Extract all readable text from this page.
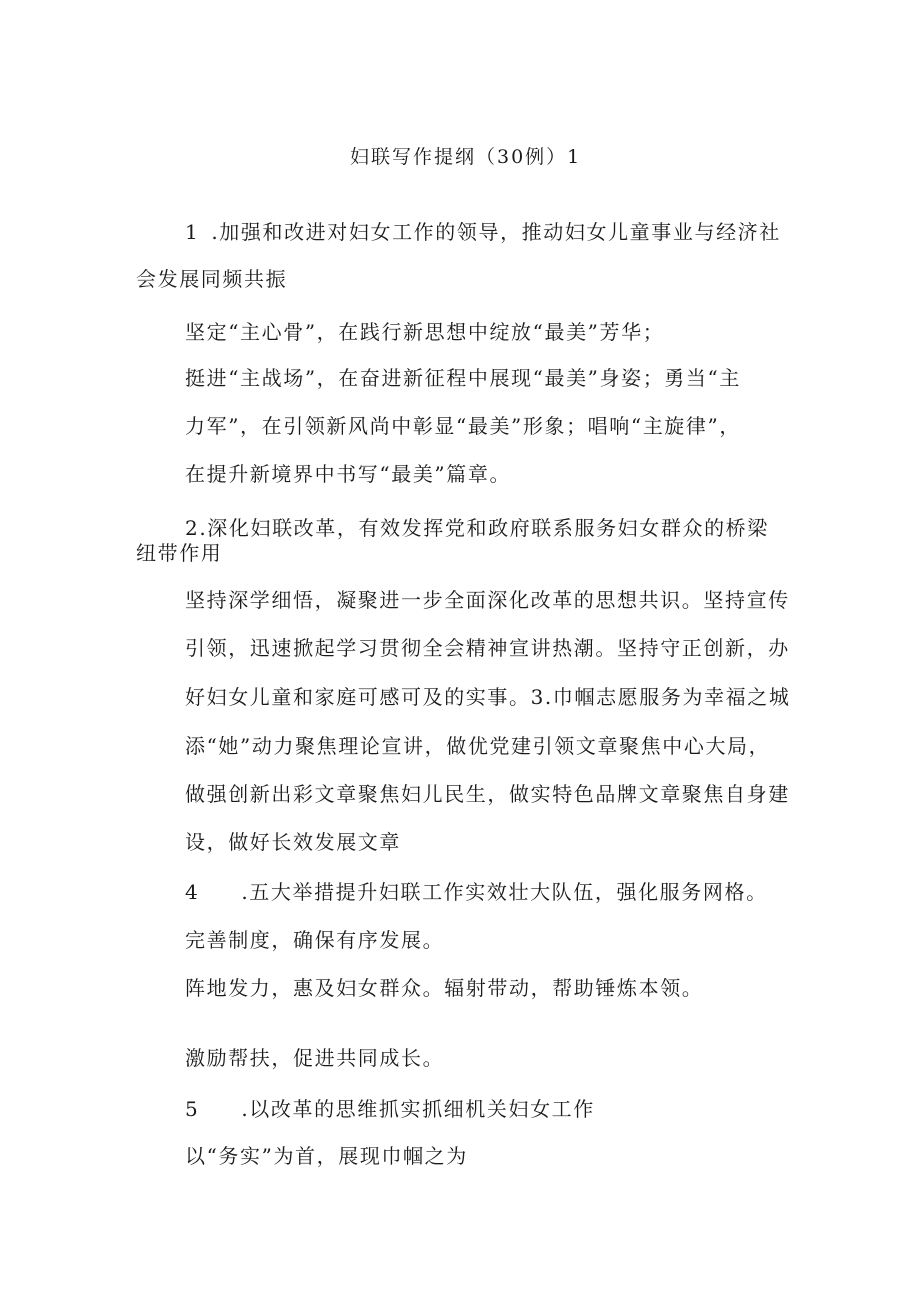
妇联写作提纲（30例）1
1 .加强和改进对妇女工作的领导，推动妇女儿童事业与经济社
会发展同频共振
坚定“主心骨”，在践行新思想中绽放“最美”芳华；
挺进“主战场”，在奋进新征程中展现“最美”身姿；勇当“主
力军”，在引领新风尚中彰显“最美”形象；唱响“主旋律”，
在提升新境界中书写“最美”篇章。
2.深化妇联改革，有效发挥党和政府联系服务妇女群众的桥梁
纽带作用
坚持深学细悟，凝聚进一步全面深化改革的思想共识。坚持宣传
引领，迅速掀起学习贯彻全会精神宣讲热潮。坚持守正创新，办
好妇女儿童和家庭可感可及的实事。3.巾帼志愿服务为幸福之城
添“她”动力聚焦理论宣讲，做优党建引领文章聚焦中心大局，
做强创新出彩文章聚焦妇儿民生，做实特色品牌文章聚焦自身建
设，做好长效发展文章
4 .五大举措提升妇联工作实效壮大队伍，强化服务网格。
完善制度，确保有序发展。
阵地发力，惠及妇女群众。辐射带动，帮助锤炼本领。
激励帮扶，促进共同成长。
5 .以改革的思维抓实抓细机关妇女工作
以“务实”为首，展现巾帼之为
